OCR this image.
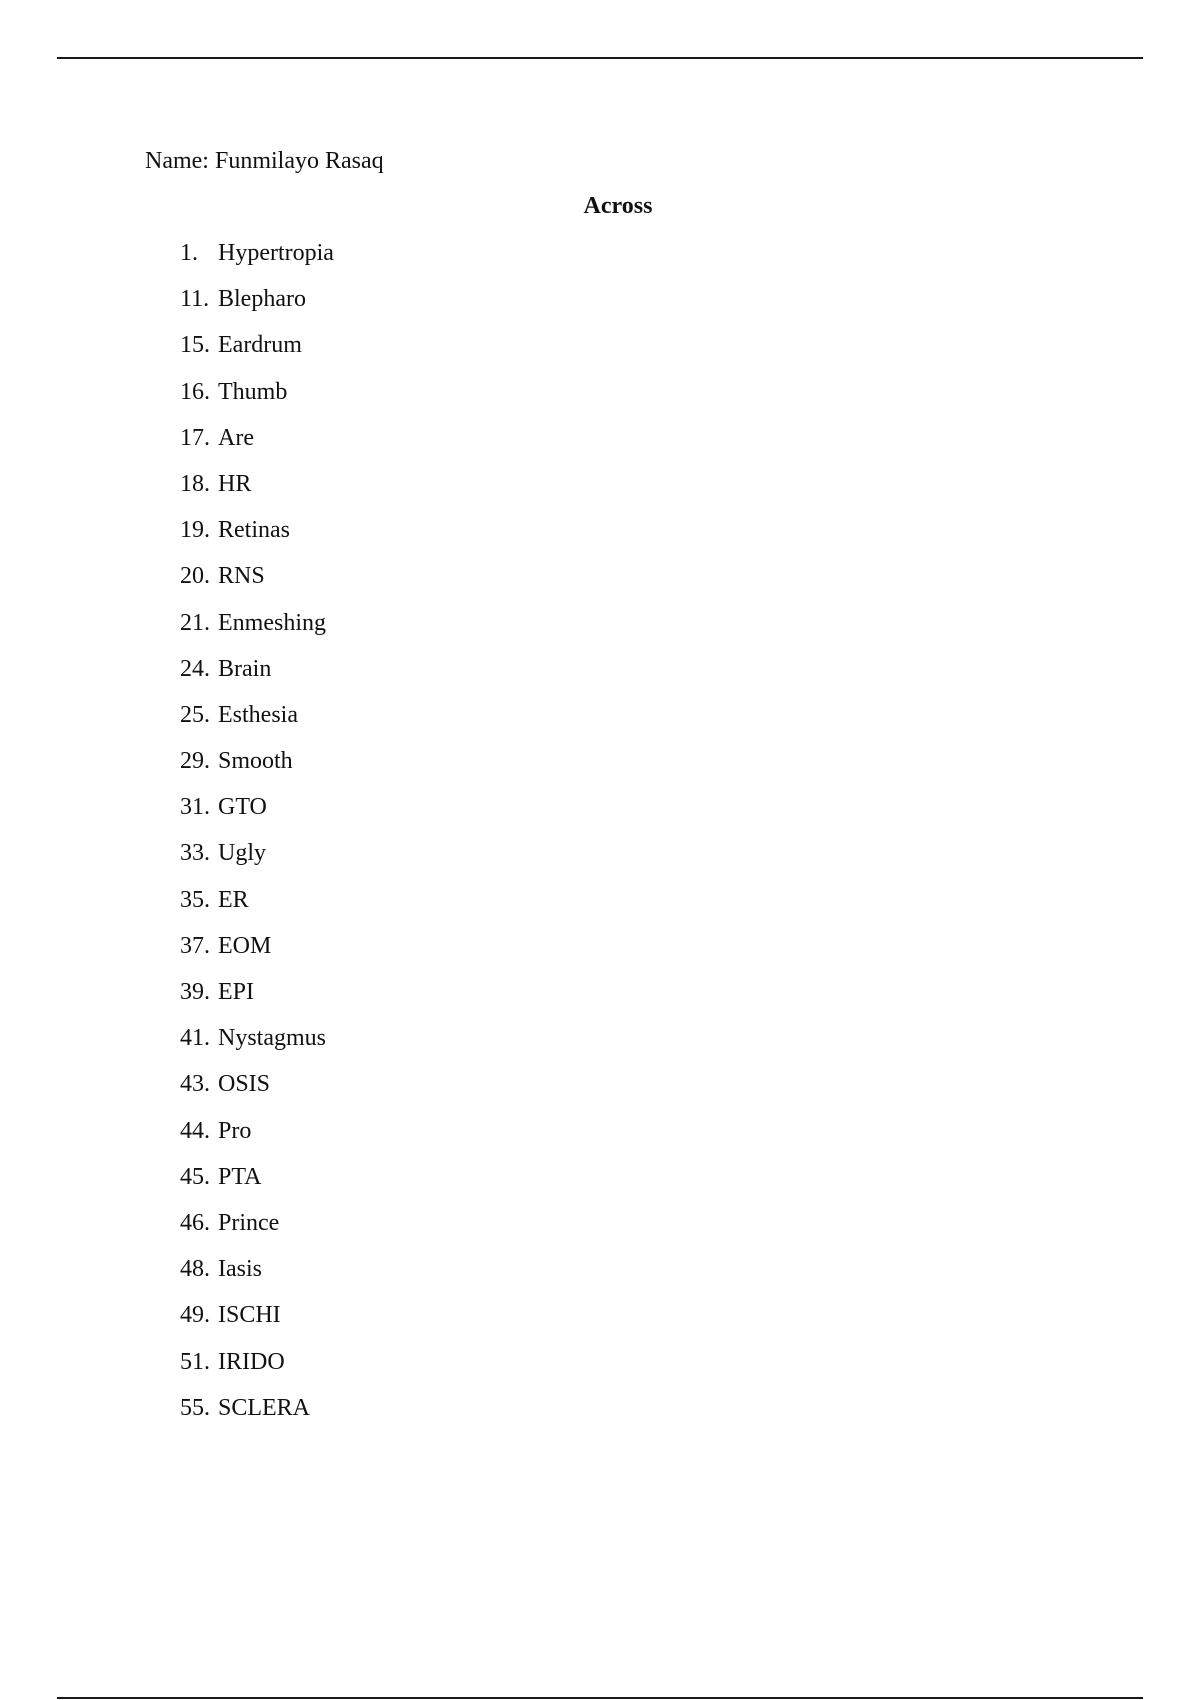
Name: Funmilayo Rasaq
Across
1. Hypertropia
11. Blepharo
15. Eardrum
16. Thumb
17. Are
18. HR
19. Retinas
20. RNS
21. Enmeshing
24. Brain
25. Esthesia
29. Smooth
31. GTO
33. Ugly
35. ER
37. EOM
39. EPI
41. Nystagmus
43. OSIS
44. Pro
45. PTA
46. Prince
48. Iasis
49. ISCHI
51. IRIDO
55. SCLERA
